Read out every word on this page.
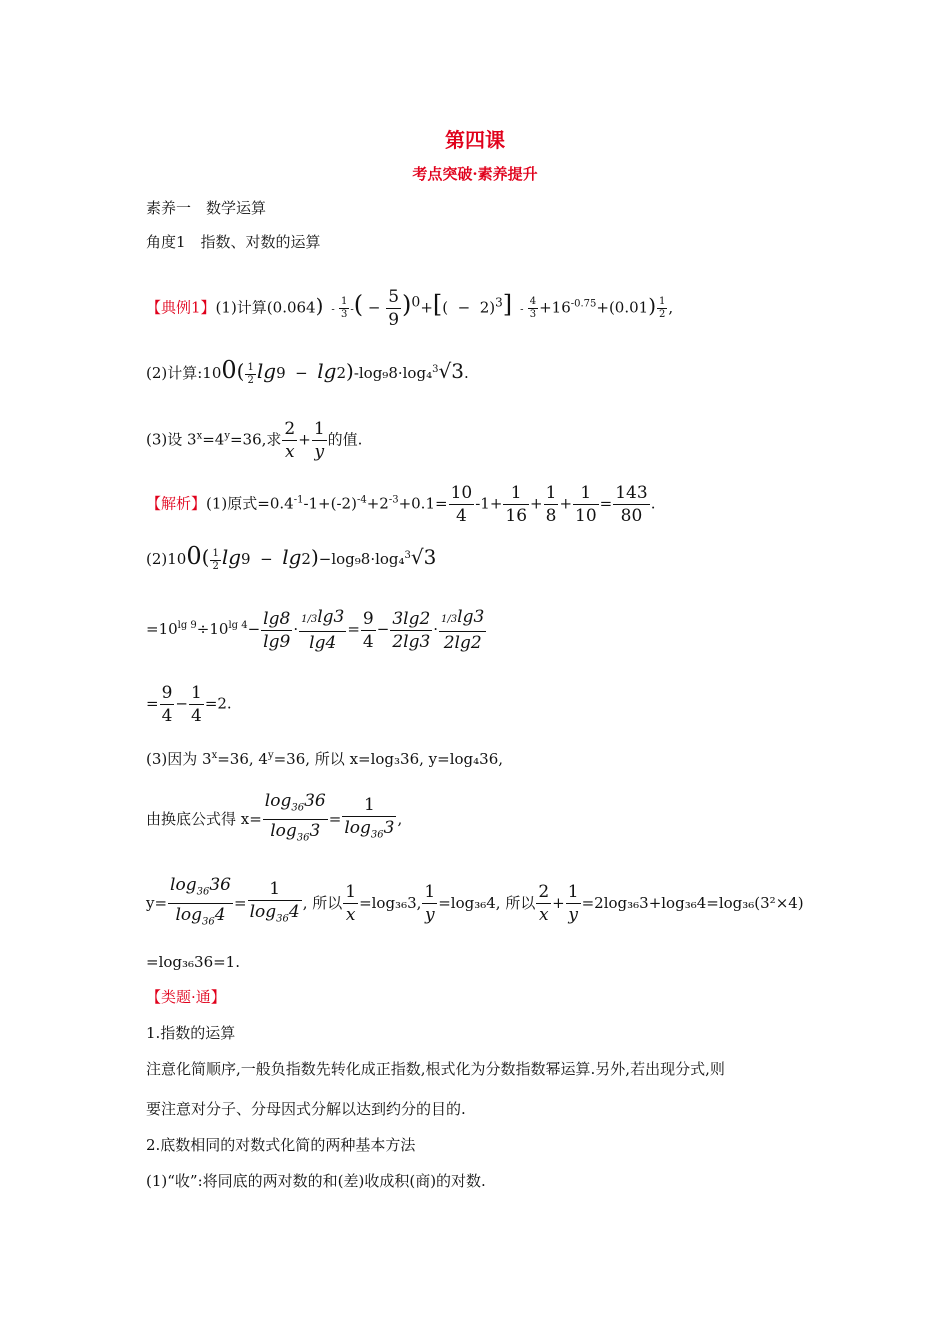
第四课
考点突破·素养提升
素养一　数学运算
角度1　指数、对数的运算
【典例1】(1)计算$(0.064) - \frac{1}{3}$ -( − $\frac{5}{9} )0+[( - 2)^3] - \frac{4}{3} +16^{-0.75}+(0.01) \frac{1}{2}$ ,
(2)计算:100( $\frac{1}{2} \lg 9 - \lg 2)-\log_98\cdot\log_4^3√3$.
(3)设 $3^x=4^y=36$,求 $\frac{2}{x} + \frac{1}{y}$ 的值.
【解析】(1)原式$=0.4^{-1}-1+(-2)^{-4}+2^{-3}+0.1= \frac{10}{4} -1+ \frac{1}{16} + \frac{1}{8} + \frac{1}{10} = \frac{143}{80}$ .
$(2)100( \frac{1}{2} \lg 9 - \lg 2)-\log_98\cdot\log_4^3√3$
$=10^{lg 9}\div 10^{lg 4}- \frac{\lg 8}{\lg 9} \cdot \frac{1/3\lg 3}{\lg 4} = \frac{9}{4} - \frac{3\lg 2}{2\lg 3} \cdot \frac{1/3\lg 3}{2\lg 2}$
= $\frac{9}{4} - \frac{1}{4} =2$.
(3)因为 $3^x=36$, $4^y=36$, 所以 x=log₃36, y=log₄36,
由换底公式得 $x= \frac{\log_{36}36}{\log_{36}3} = \frac{1}{\log_{36}3}$ ,
$y= \frac{\log_{36}36}{\log_{36}4} = \frac{1}{\log_{36}4}$ , 所以 $\frac{1}{x} =\log_{36}3$, $\frac{1}{y} =\log_{36}4$, 所以 $\frac{2}{x} + \frac{1}{y} =2\log_{36}3+\log_{36}4=\log_{36}(3^2\times 4)$
=log₃₆36=1.
【类题·通】
1.指数的运算
注意化简顺序,一般负指数先转化成正指数,根式化为分数指数幂运算.另外,若出现分式,则
要注意对分子、分母因式分解以达到约分的目的.
2.底数相同的对数式化简的两种基本方法
(1)“收”:将同底的两对数的和(差)收成积(商)的对数.
